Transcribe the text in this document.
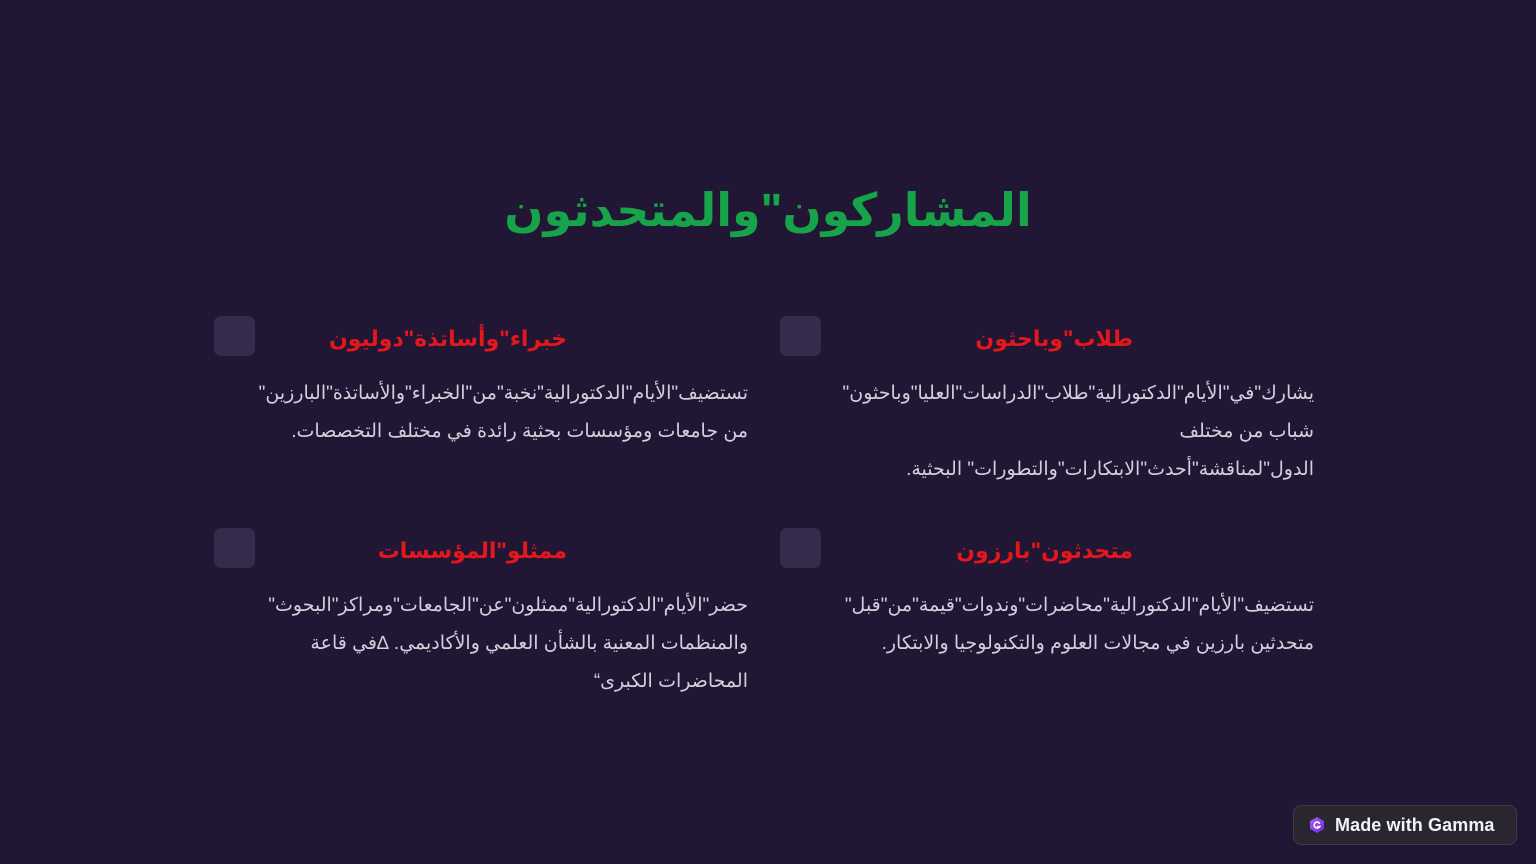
المشاركون"والمتحدثون
طلاب"وباحثون
يشارك"في"الأيام"الدكتورالية"طلاب"الدراسات"العليا"وباحثون" شباب من مختلف الدول"لمناقشة"أحدث"الابتكارات"والتطورات" البحثية.
خبراء"وأساتذة"دوليون
تستضيف"الأيام"الدكتورالية"نخبة"من"الخبراء"والأساتذة"البارزين" من جامعات ومؤسسات بحثية رائدة في مختلف التخصصات.
متحدثون"بارزون
تستضيف"الأيام"الدكتورالية"محاضرات"وندوات"قيمة"من"قبل" متحدثين بارزين في مجالات العلوم والتكنولوجيا والابتكار.
ممثلو"المؤسسات
حضر"الأيام"الدكتورالية"ممثلون"عن"الجامعات"ومراكز"البحوث" والمنظمات المعنية بالشأن العلمي والأكاديمي. ∆في قاعة المحاضرات الكبرى“
Made with Gamma
